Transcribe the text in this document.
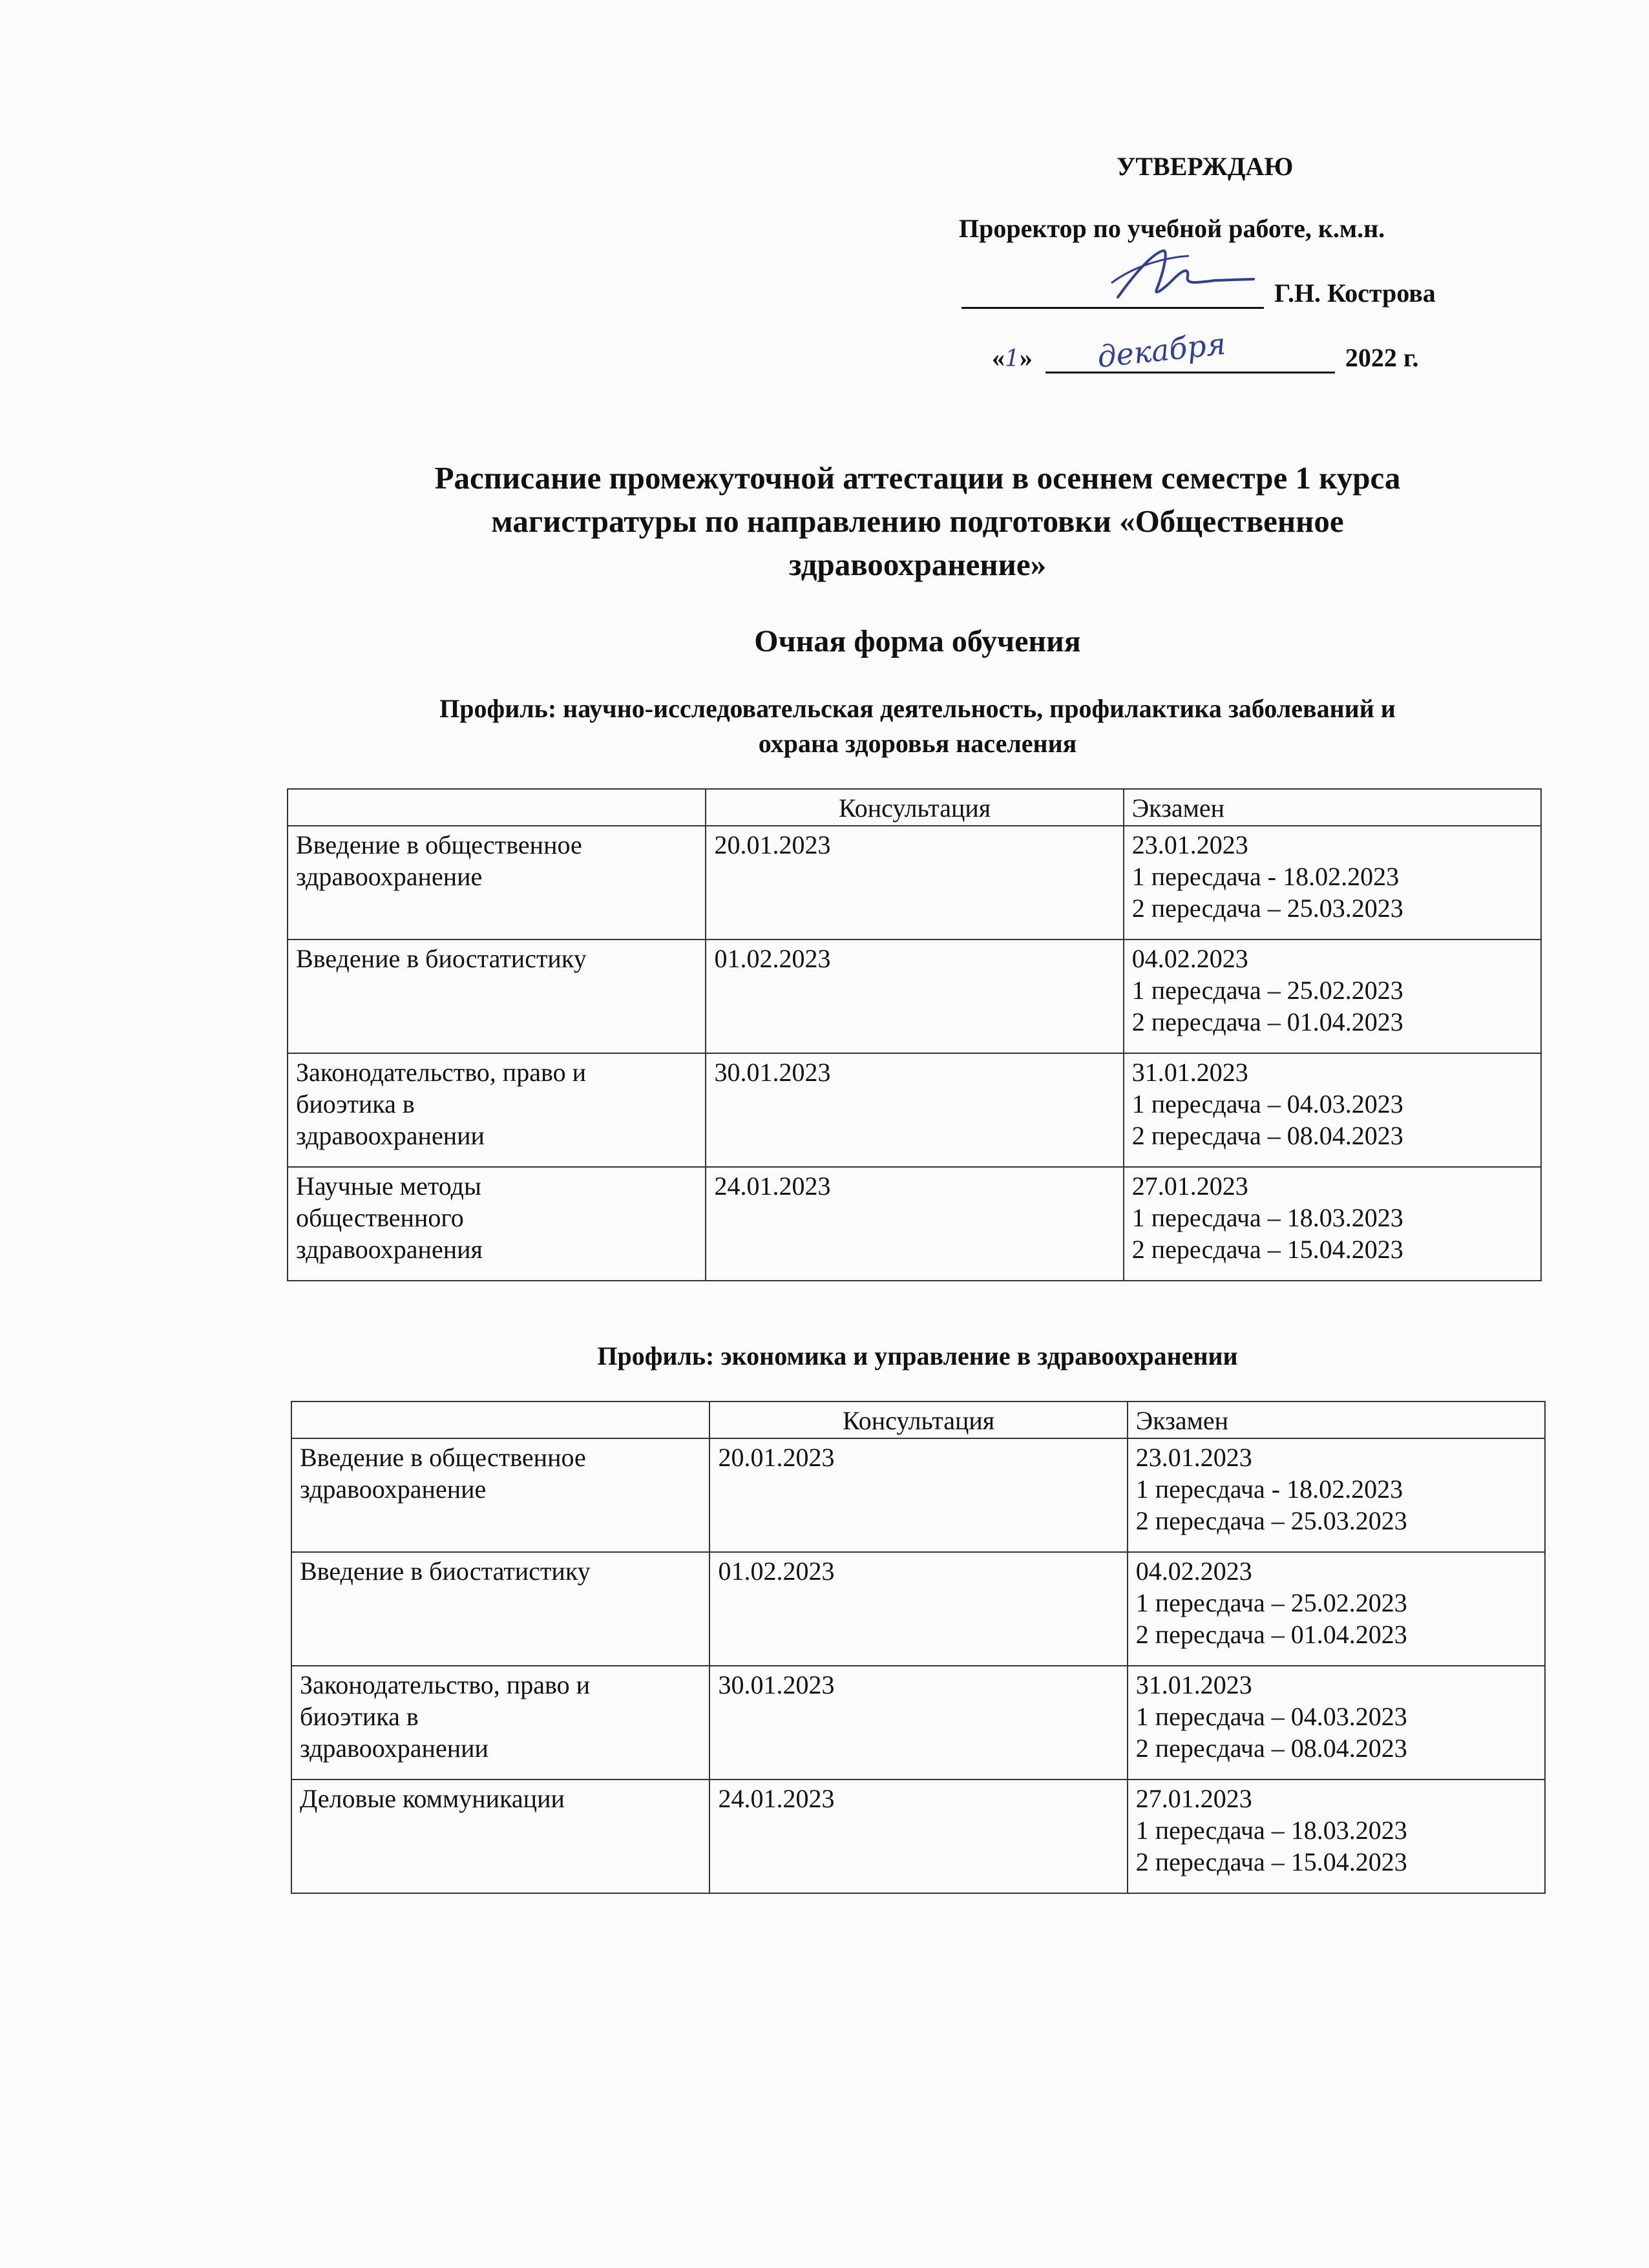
УТВЕРЖДАЮ
Проректор по учебной работе, к.м.н.
Г.Н. Кострова
«1» декабря	2022 г.
Расписание промежуточной аттестации в осеннем семестре 1 курса
магистратуры по направлению подготовки «Общественное
здравоохранение»
Очная форма обучения
Профиль: научно-исследовательская деятельность, профилактика заболеваний и
охрана здоровья населения
	Консультация	Экзамен

Введение в общественное
здравоохранение	20.01.2023	23.01.2023
1 пересдача - 18.02.2023
2 пересдача – 25.03.2023

Введение в биостатистику	01.02.2023	04.02.2023
1 пересдача – 25.02.2023
2 пересдача – 01.04.2023

Законодательство, право и
биоэтика в
здравоохранении	30.01.2023	31.01.2023
1 пересдача – 04.03.2023
2 пересдача – 08.04.2023

Научные методы
общественного
здравоохранения	24.01.2023	27.01.2023
1 пересдача – 18.03.2023
2 пересдача – 15.04.2023
Профиль: экономика и управление в здравоохранении
	Консультация	Экзамен

Введение в общественное
здравоохранение	20.01.2023	23.01.2023
1 пересдача - 18.02.2023
2 пересдача – 25.03.2023

Введение в биостатистику	01.02.2023	04.02.2023
1 пересдача – 25.02.2023
2 пересдача – 01.04.2023

Законодательство, право и
биоэтика в
здравоохранении	30.01.2023	31.01.2023
1 пересдача – 04.03.2023
2 пересдача – 08.04.2023

Деловые коммуникации	24.01.2023	27.01.2023
1 пересдача – 18.03.2023
2 пересдача – 15.04.2023
